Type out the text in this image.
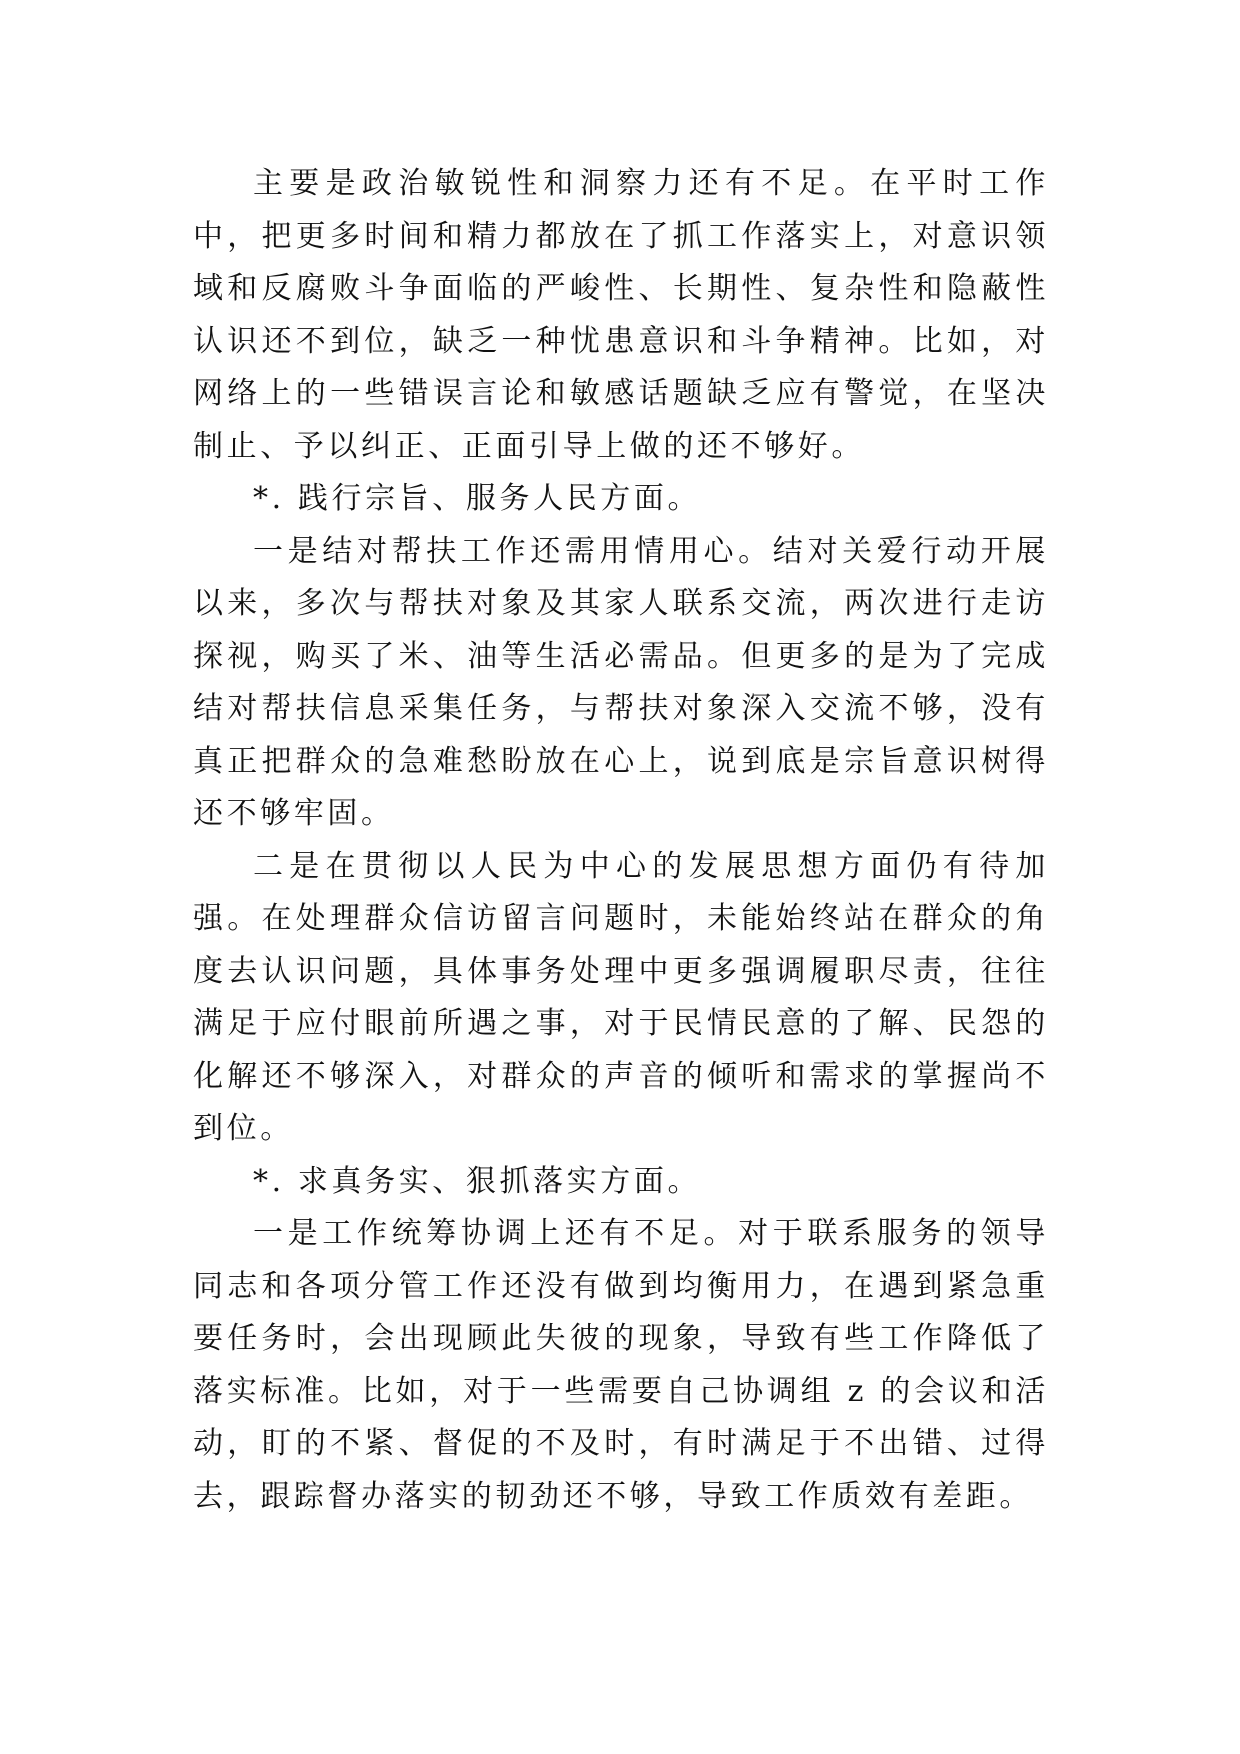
主要是政治敏锐性和洞察力还有不足。在平时工作中，把更多时间和精力都放在了抓工作落实上，对意识领域和反腐败斗争面临的严峻性、长期性、复杂性和隐蔽性认识还不到位，缺乏一种忧患意识和斗争精神。比如，对网络上的一些错误言论和敏感话题缺乏应有警觉，在坚决制止、予以纠正、正面引导上做的还不够好。

*. 践行宗旨、服务人民方面。

一是结对帮扶工作还需用情用心。结对关爱行动开展以来，多次与帮扶对象及其家人联系交流，两次进行走访探视，购买了米、油等生活必需品。但更多的是为了完成结对帮扶信息采集任务，与帮扶对象深入交流不够，没有真正把群众的急难愁盼放在心上，说到底是宗旨意识树得还不够牢固。

二是在贯彻以人民为中心的发展思想方面仍有待加强。在处理群众信访留言问题时，未能始终站在群众的角度去认识问题，具体事务处理中更多强调履职尽责，往往满足于应付眼前所遇之事，对于民情民意的了解、民怨的化解还不够深入，对群众的声音的倾听和需求的掌握尚不到位。

*. 求真务实、狠抓落实方面。

一是工作统筹协调上还有不足。对于联系服务的领导同志和各项分管工作还没有做到均衡用力，在遇到紧急重要任务时，会出现顾此失彼的现象，导致有些工作降低了落实标准。比如，对于一些需要自己协调组 z 的会议和活动，盯的不紧、督促的不及时，有时满足于不出错、过得去，跟踪督办落实的韧劲还不够，导致工作质效有差距。
